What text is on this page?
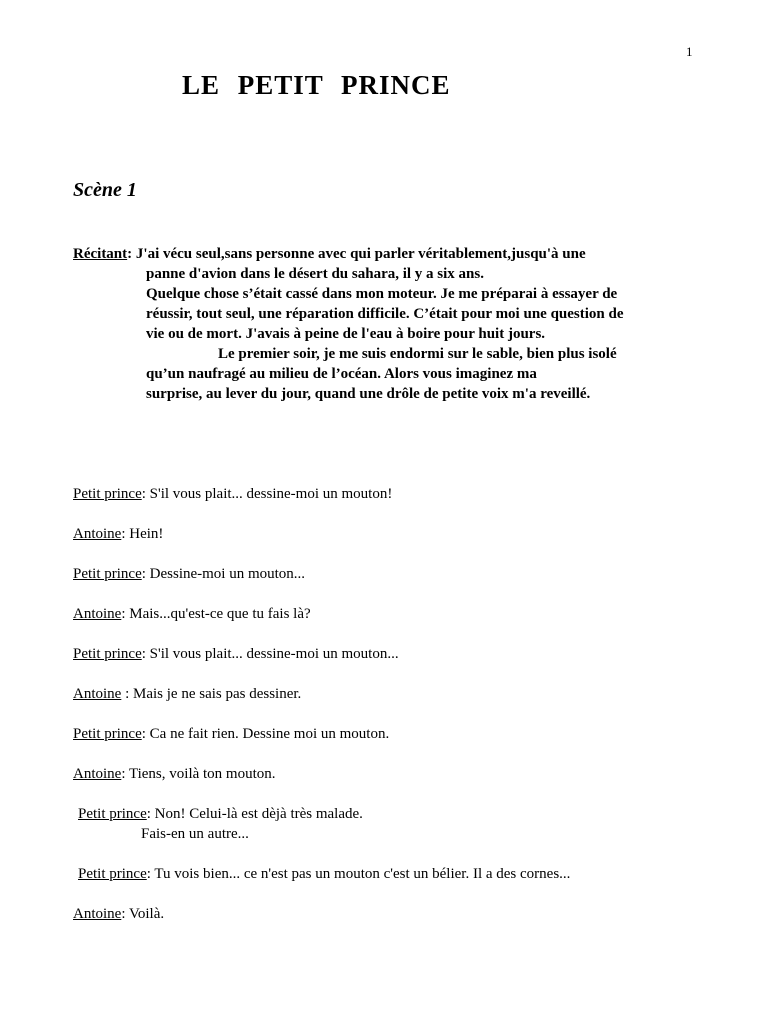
1
LE PETIT PRINCE
Scène 1
Récitant: J'ai vécu seul,sans personne avec qui parler véritablement,jusqu'à une
panne d'avion dans le désert du sahara, il y a six ans.
Quelque chose s’était cassé dans mon moteur. Je me préparai à essayer de
réussir, tout seul, une réparation difficile. C’était pour moi une question de
vie ou de mort. J'avais à peine de l'eau à boire pour huit jours.
Le premier soir, je me suis endormi sur le sable, bien plus isolé
qu’un naufragé au milieu de l’océan. Alors vous imaginez ma
surprise, au lever du jour, quand une drôle de petite voix m'a reveillé.
Petit prince: S'il vous plait... dessine-moi un mouton!
Antoine: Hein!
Petit prince: Dessine-moi un mouton...
Antoine: Mais...qu'est-ce que tu fais là?
Petit prince: S'il vous plait... dessine-moi un mouton...
Antoine : Mais je ne sais pas dessiner.
Petit prince: Ca ne fait rien. Dessine moi un mouton.
Antoine: Tiens, voilà ton mouton.
Petit prince: Non! Celui-là est dèjà très malade.
Fais-en un autre...
Petit prince: Tu vois bien... ce n'est pas un mouton c'est un bélier. Il a des cornes...
Antoine: Voilà.
